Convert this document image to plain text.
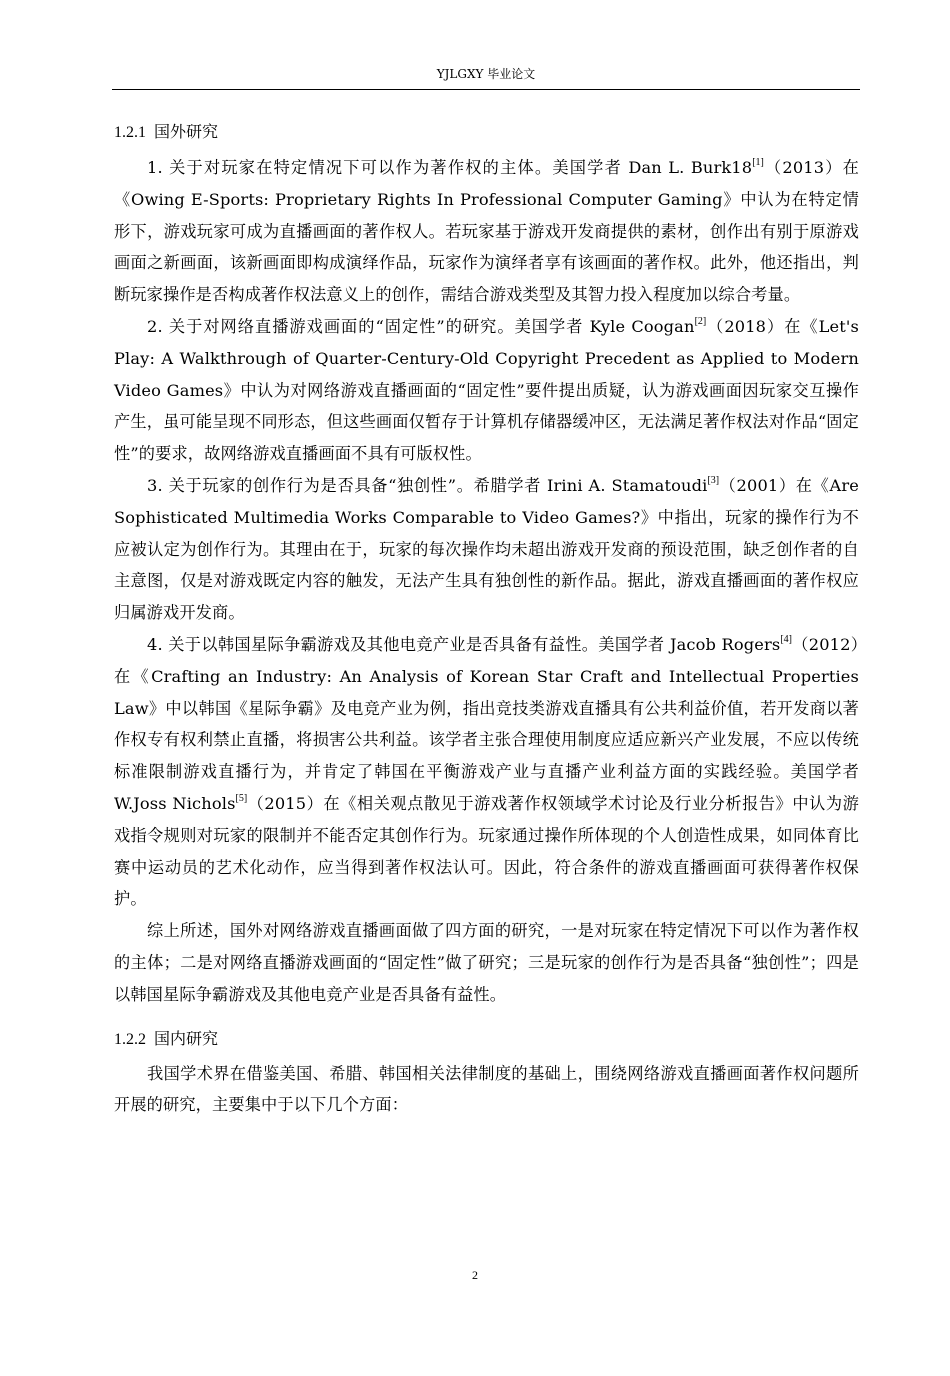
YJLGXY 毕业论文
1.2.1 国外研究

1. 关于对玩家在特定情况下可以作为著作权的主体。美国学者 Dan L. Burk18[1]（2013）在《Owing E-Sports: Proprietary Rights In Professional Computer Gaming》中认为在特定情形下，游戏玩家可成为直播画面的著作权人。若玩家基于游戏开发商提供的素材，创作出有别于原游戏画面之新画面，该新画面即构成演绎作品，玩家作为演绎者享有该画面的著作权。此外，他还指出，判断玩家操作是否构成著作权法意义上的创作，需结合游戏类型及其智力投入程度加以综合考量。

2. 关于对网络直播游戏画面的“固定性”的研究。美国学者 Kyle Coogan[2]（2018）在《Let's Play: A Walkthrough of Quarter-Century-Old Copyright Precedent as Applied to Modern Video Games》中认为对网络游戏直播画面的“固定性”要件提出质疑，认为游戏画面因玩家交互操作产生，虽可能呈现不同形态，但这些画面仅暂存于计算机存储器缓冲区，无法满足著作权法对作品“固定性”的要求，故网络游戏直播画面不具有可版权性。

3. 关于玩家的创作行为是否具备“独创性”。希腊学者 Irini A. Stamatoudi[3]（2001）在《Are Sophisticated Multimedia Works Comparable to Video Games?》中指出，玩家的操作行为不应被认定为创作行为。其理由在于，玩家的每次操作均未超出游戏开发商的预设范围，缺乏创作者的自主意图，仅是对游戏既定内容的触发，无法产生具有独创性的新作品。据此，游戏直播画面的著作权应归属游戏开发商。

4. 关于以韩国星际争霸游戏及其他电竞产业是否具备有益性。美国学者 Jacob Rogers[4]（2012）在《Crafting an Industry: An Analysis of Korean Star Craft and Intellectual Properties Law》中以韩国《星际争霸》及电竞产业为例，指出竞技类游戏直播具有公共利益价值，若开发商以著作权专有权利禁止直播，将损害公共利益。该学者主张合理使用制度应适应新兴产业发展，不应以传统标准限制游戏直播行为，并肯定了韩国在平衡游戏产业与直播产业利益方面的实践经验。美国学者 W.Joss Nichols[5]（2015）在《相关观点散见于游戏著作权领域学术讨论及行业分析报告》中认为游戏指令规则对玩家的限制并不能否定其创作行为。玩家通过操作所体现的个人创造性成果，如同体育比赛中运动员的艺术化动作，应当得到著作权法认可。因此，符合条件的游戏直播画面可获得著作权保护。

综上所述，国外对网络游戏直播画面做了四方面的研究，一是对玩家在特定情况下可以作为著作权的主体；二是对网络直播游戏画面的“固定性”做了研究；三是玩家的创作行为是否具备“独创性”；四是以韩国星际争霸游戏及其他电竞产业是否具备有益性。

1.2.2 国内研究

我国学术界在借鉴美国、希腊、韩国相关法律制度的基础上，围绕网络游戏直播画面著作权问题所开展的研究，主要集中于以下几个方面：

2
